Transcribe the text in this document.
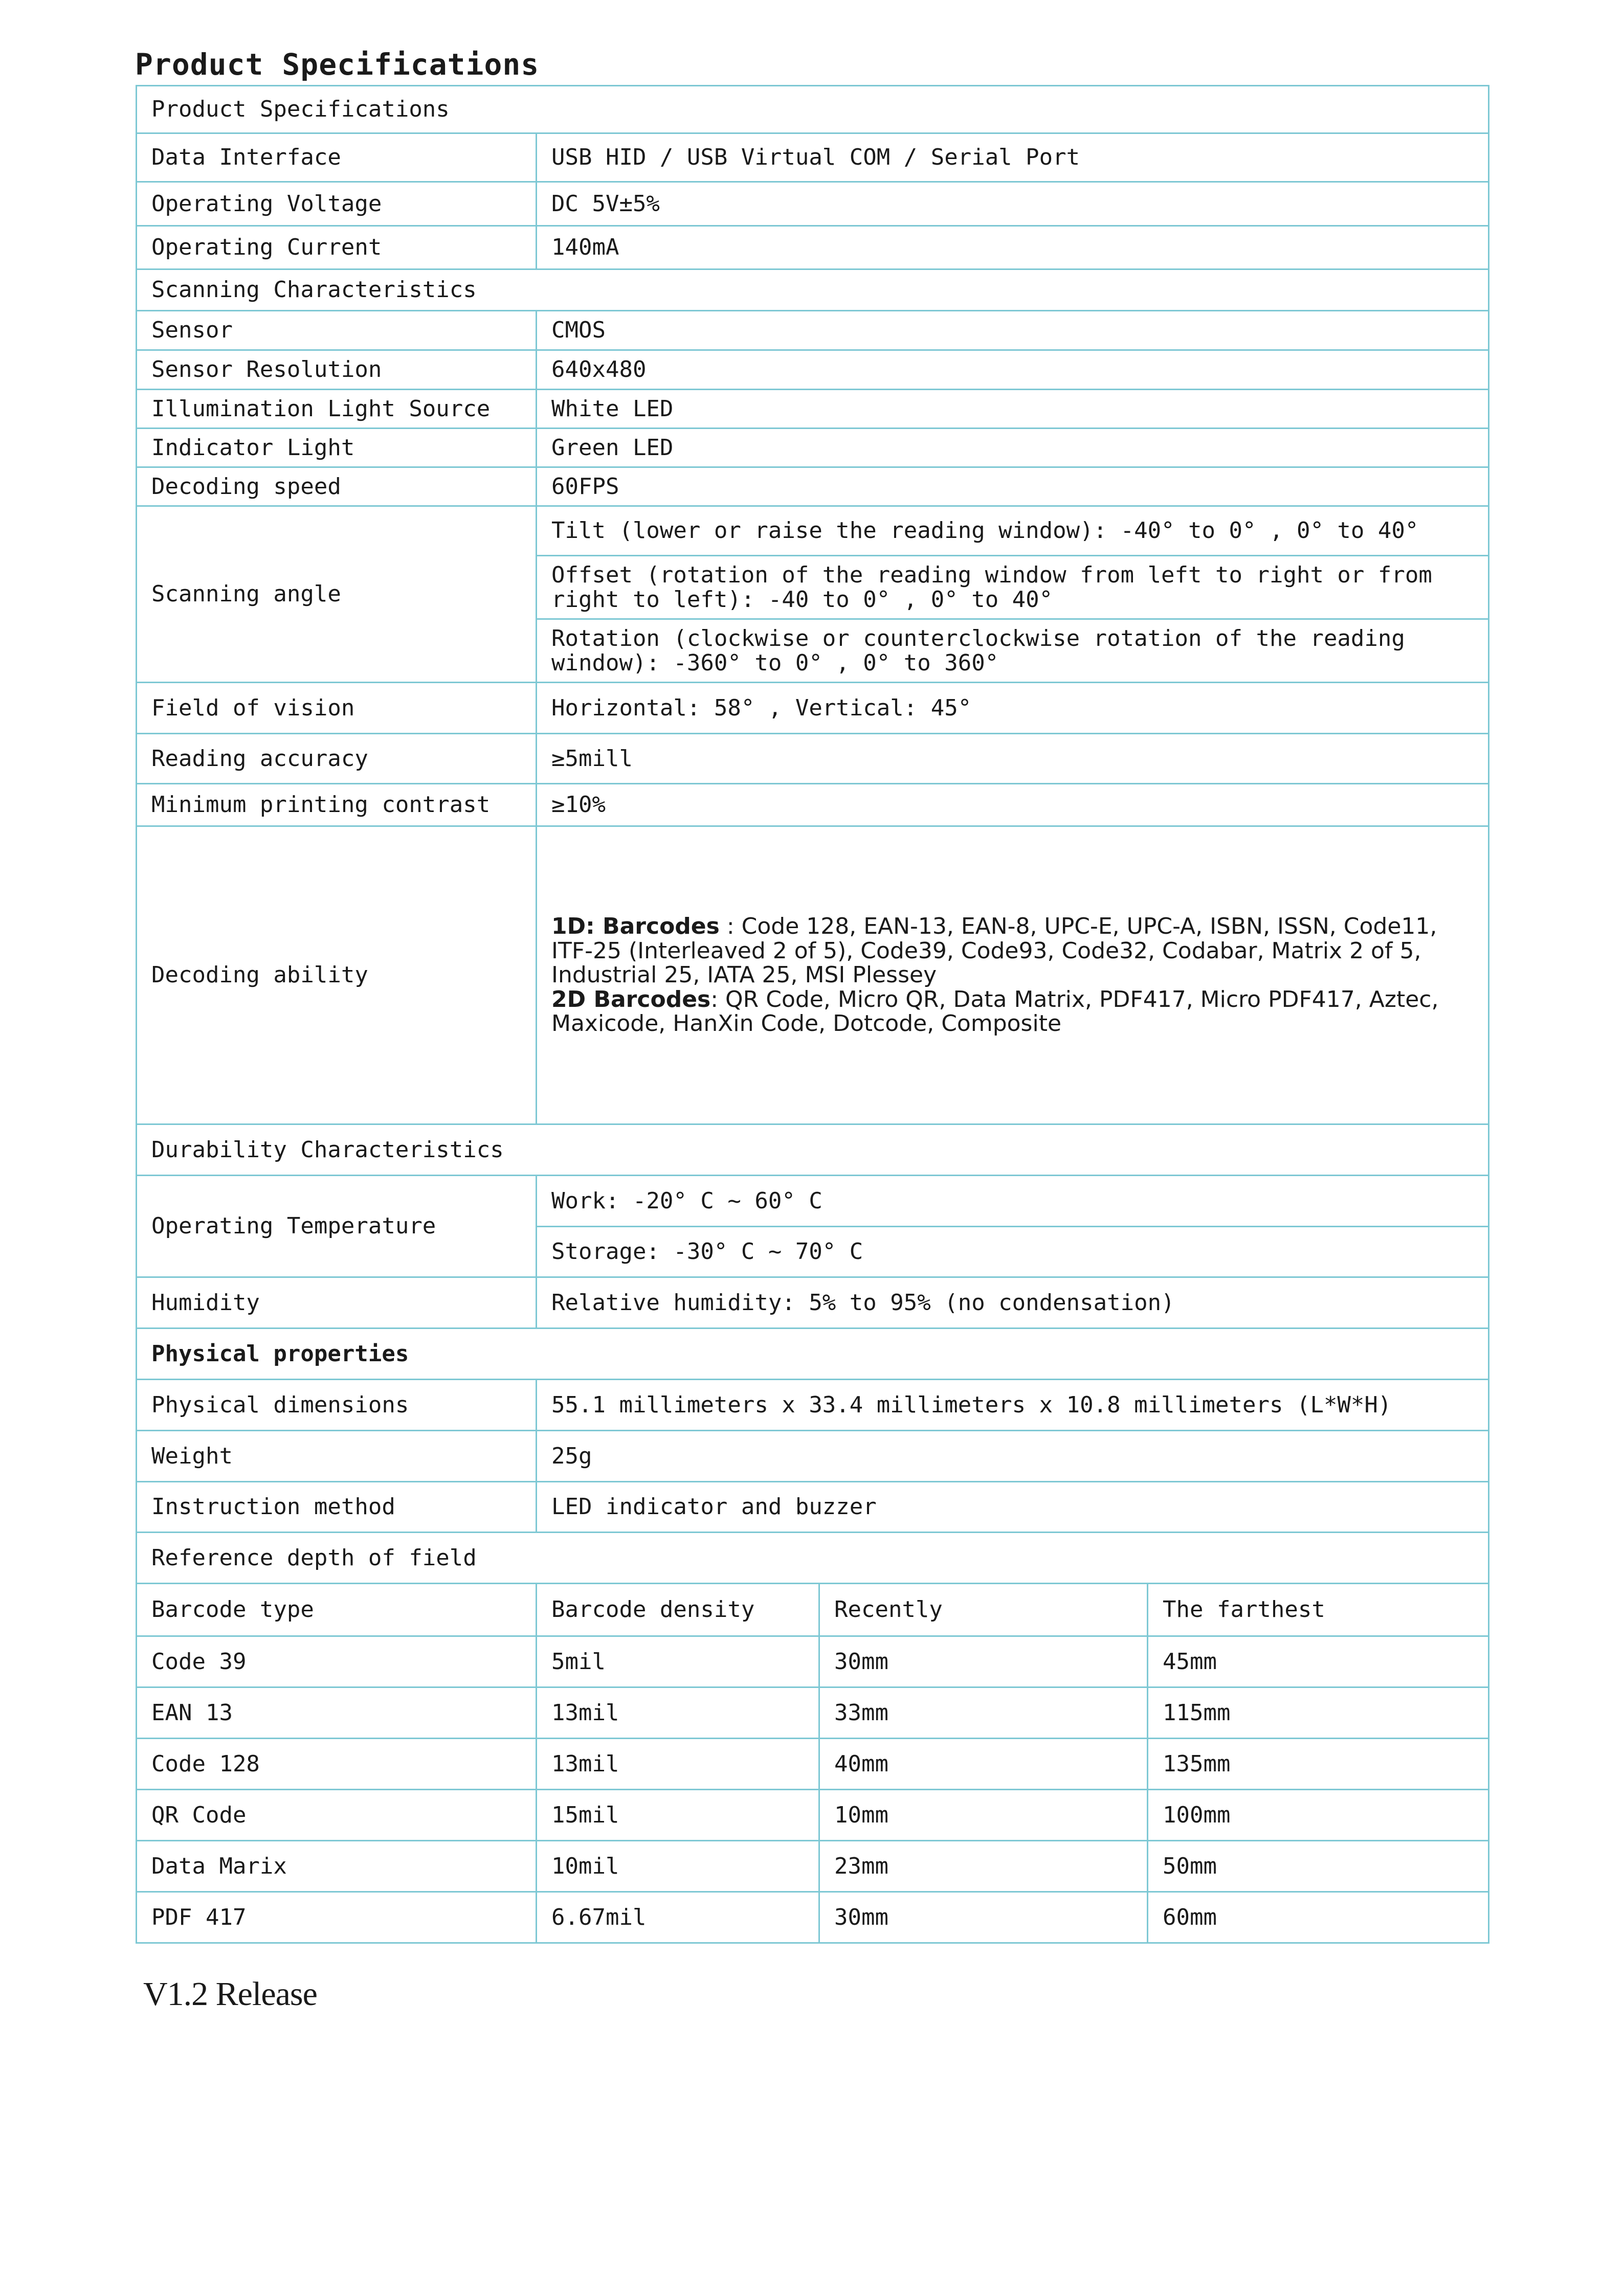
Product Specifications
Product Specifications			
Data Interface	USB HID / USB Virtual COM / Serial Port		
Operating Voltage	DC 5V±5%		
Operating Current	140mA		
Scanning Characteristics			
Sensor	CMOS		
Sensor Resolution	640x480		
Illumination Light Source	White LED		
Indicator Light	Green LED		
Decoding speed	60FPS		
Scanning angle	Tilt (lower or raise the reading window): -40° to 0° , 0° to 40°		
	Offset (rotation of the reading window from left to right or from right to left): -40 to 0° , 0° to 40°		
	Rotation (clockwise or counterclockwise rotation of the reading window): -360° to 0° , 0° to 360°		
Field of vision	Horizontal: 58° , Vertical: 45°		
Reading accuracy	≥5mill		
Minimum printing contrast	≥10%		
Decoding ability	1D: Barcodes : Code 128, EAN-13, EAN-8, UPC-E, UPC-A, ISBN, ISSN, Code11, ITF-25 (Interleaved 2 of 5), Code39, Code93, Code32, Codabar, Matrix 2 of 5, Industrial 25, IATA 25, MSI Plessey
2D Barcodes: QR Code, Micro QR, Data Matrix, PDF417, Micro PDF417, Aztec, Maxicode, HanXin Code, Dotcode, Composite		
Durability Characteristics			
Operating Temperature	Work: -20° C ~ 60° C		
	Storage: -30° C ~ 70° C		
Humidity	Relative humidity: 5% to 95% (no condensation)		
Physical properties			
Physical dimensions	55.1 millimeters x 33.4 millimeters x 10.8 millimeters (L*W*H)		
Weight	25g		
Instruction method	LED indicator and buzzer		
Reference depth of field			
Barcode type	Barcode density	Recently	The farthest
Code 39	5mil	30mm	45mm
EAN 13	13mil	33mm	115mm
Code 128	13mil	40mm	135mm
QR Code	15mil	10mm	100mm
Data Marix	10mil	23mm	50mm
PDF 417	6.67mil	30mm	60mm
V1.2 Release
